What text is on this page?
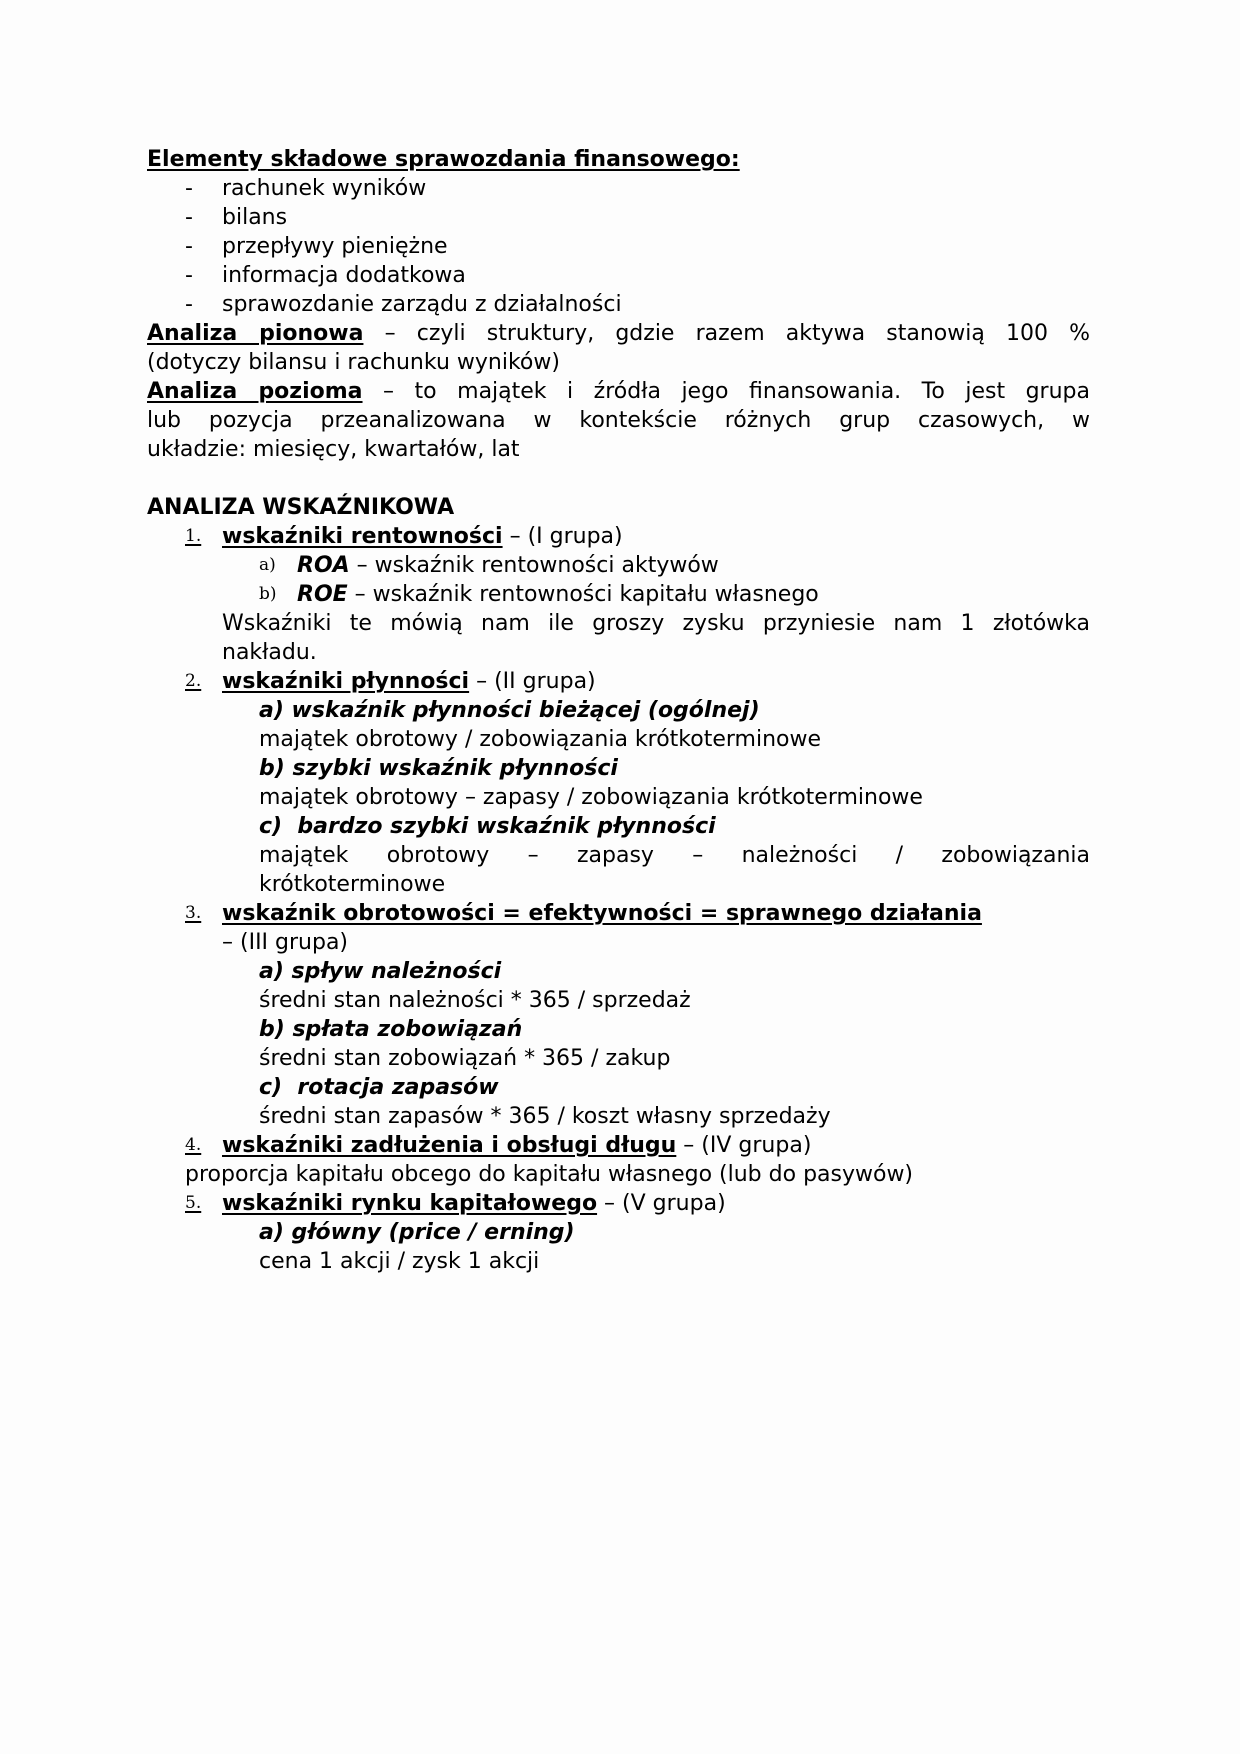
Elementy składowe sprawozdania finansowego:
-	rachunek wyników
-	bilans
-	przepływy pieniężne
-	informacja dodatkowa
-	sprawozdanie zarządu z działalności
Analiza pionowa – czyli struktury, gdzie razem aktywa stanowią 100 %
(dotyczy bilansu i rachunku wyników)
Analiza pozioma – to majątek i źródła jego finansowania. To jest grupa
lub pozycja przeanalizowana w kontekście różnych grup czasowych, w
układzie: miesięcy, kwartałów, lat
ANALIZA WSKAŹNIKOWA
1. wskaźniki rentowności – (I grupa)
a) ROA – wskaźnik rentowności aktywów
b) ROE – wskaźnik rentowności kapitału własnego
Wskaźniki te mówią nam ile groszy zysku przyniesie nam 1 złotówka
nakładu.
2. wskaźniki płynności – (II grupa)
a) wskaźnik płynności bieżącej (ogólnej)
majątek obrotowy / zobowiązania krótkoterminowe
b) szybki wskaźnik płynności
majątek obrotowy – zapasy / zobowiązania krótkoterminowe
c)  bardzo szybki wskaźnik płynności
majątek obrotowy – zapasy – należności / zobowiązania
krótkoterminowe
3. wskaźnik obrotowości = efektywności = sprawnego działania
– (III grupa)
a) spływ należności
średni stan należności * 365 / sprzedaż
b) spłata zobowiązań
średni stan zobowiązań * 365 / zakup
c)  rotacja zapasów
średni stan zapasów * 365 / koszt własny sprzedaży
4. wskaźniki zadłużenia i obsługi długu – (IV grupa)
proporcja kapitału obcego do kapitału własnego (lub do pasywów)
5. wskaźniki rynku kapitałowego – (V grupa)
a) główny (price / erning)
cena 1 akcji / zysk 1 akcji
